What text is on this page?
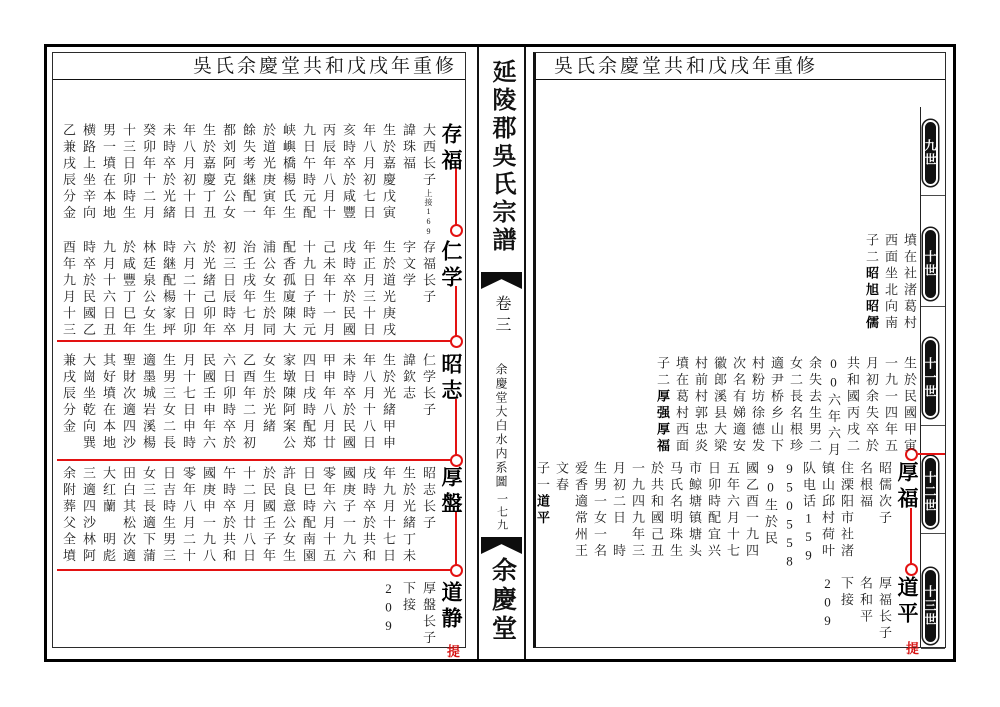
吳氏余慶堂共和戊戌年重修
提
存福
大西长子上接169
諱珠福
生於嘉慶戊寅
年八月初七日
亥時卒於咸豐
丙辰年八月十
九日午時元配
峡嶼橋楊氏生
於道光庚寅年
餘失考継配一
都刘阿克公女
生於嘉慶丁丑
年八月初十日
未時卒於光緒
癸卯年十二月
十三日卯時生
男一墳在本地
横路上坐辛向
乙兼戌辰分金
仁学
存福长子
字文学
生於道光庚戌
年正月三十日
戌時卒於民國
己未年十一月
十九日子時元
配香孤廈陳大
浦公女生於同
治壬戌年七月
初三日辰時卒
於光緒己卯年
六月二十日卯
時継配楊家坪
林廷泉公女生
於咸豐丁巳年
九月十六日丑
時卒於民國乙
酉年九月十三
昭志
仁学长子
諱欽志
生於光緒甲申
年八月十八日
未時卒於民國
甲申年八月廿
四日戌時配郑
家墩陳阿案公
女生於光緒
乙酉年二月初
六日卯時卒於
民國壬申年六
月十七日申時
生男三女二長
適墨城岩溪楊
聖財次適四沙
其好墳在本地
大崗坐乾向巽
兼戌辰分金
厚盤
昭志长子
生於光緒丁未
年九月十七日
戌時卒於共和
國庚子一九六
零年六月十五
日巳時配南園
許良意公女生
於民國壬子年
十二月廿八日
午時卒於共和
國庚申一九八
零年八月二十
日吉時生男三
女三長適下蒲
田白其松次適
大红蘭　明彪
三適四沙林阿
余附葬父全墳
道静
厚盤长子
下接209
延陵郡吳氏宗譜
卷三
余慶堂大白水内系圖
一七九
余慶堂
吳氏余慶堂共和戊戌年重修
九世
十世
十一世
十二世
十三世
提
墳在社渚葛村
西面坐北向南
子二昭旭昭儒
生於民國甲寅
一九一四年五
月初余失卒於
共和國丙戌二
00六年六月
余失去生男二
女二長名根珍
適尹桥乡山下
村粉坊徐德发
次名有娣適安
徽郎溪县大梁
村前村郭忠炎
墳在葛村西面
子二厚强厚福
厚福
昭儒次子
名根福
住溧阳市社渚
镇山邱村荷叶
队电话159
950558
90生於民
國乙酉一九四
五年六月十七
日卯時配宜兴
市鲸塘镇塘头
马氏名明珠生
於共和國己丑
一九四九年三
月初二日　時
生男一女一名
爱香適常州王
文春
子一道平
道平
厚福长子
名和平
下接209
